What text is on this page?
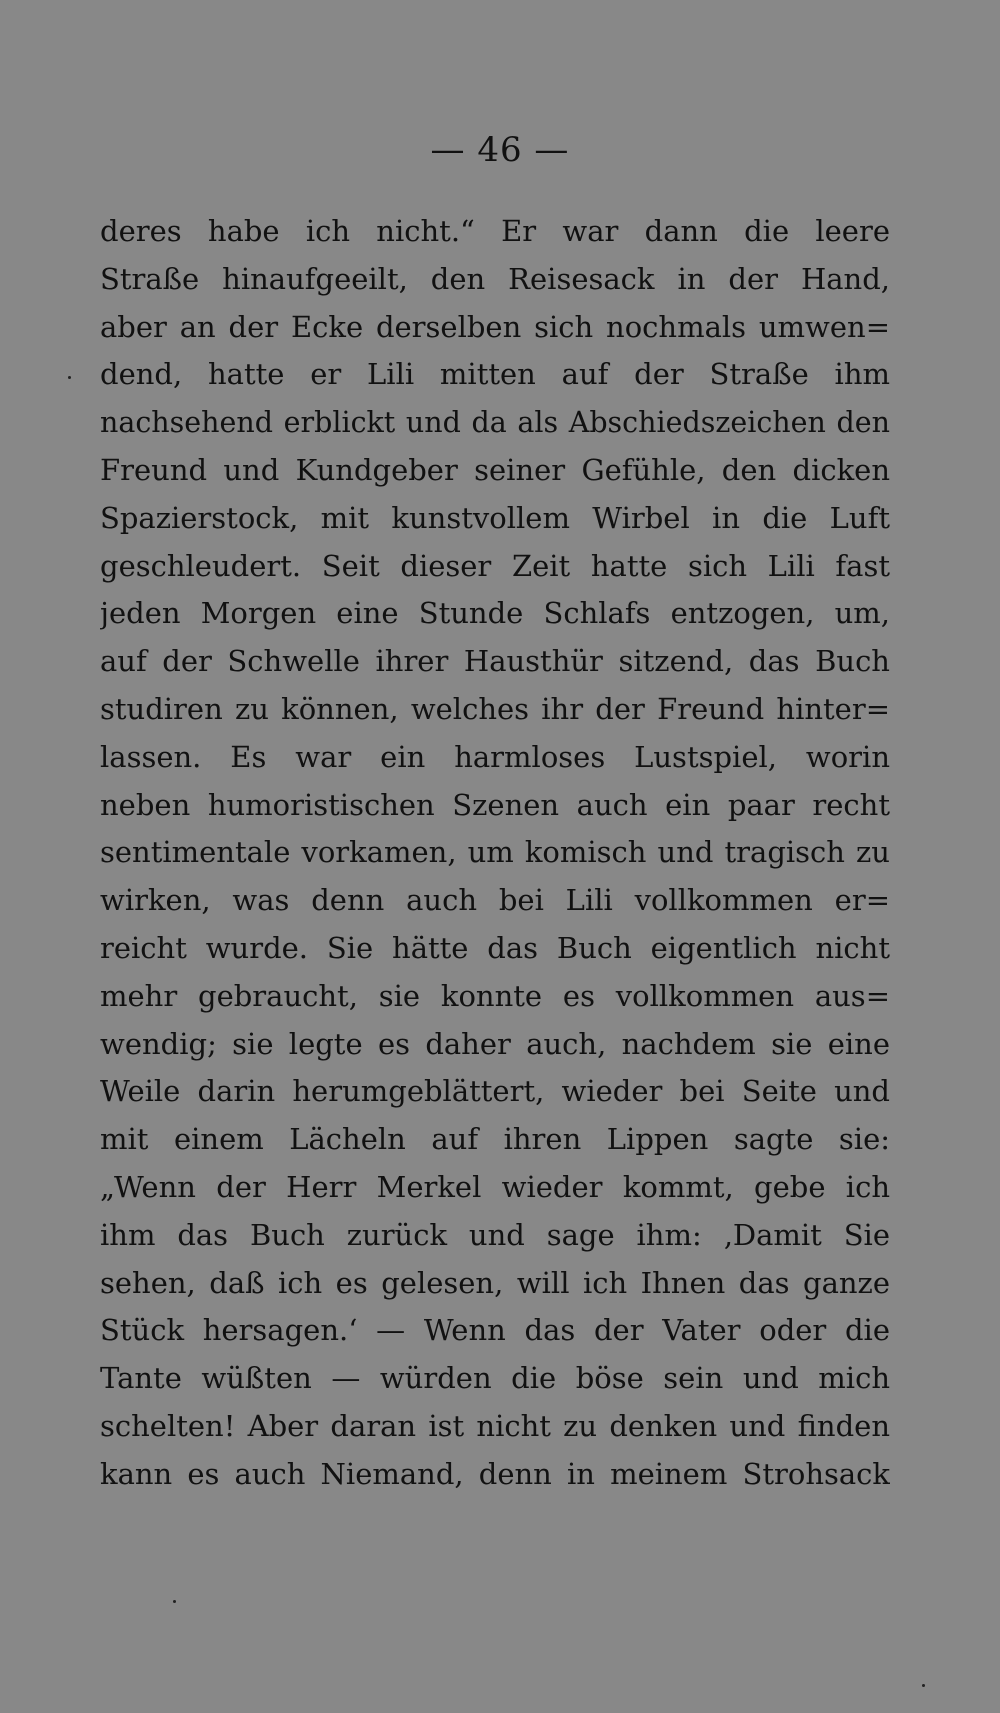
— 46 —
deres habe ich nicht.“ Er war dann die leere
Straße hinaufgeeilt, den Reisesack in der Hand,
aber an der Ecke derselben sich nochmals umwen=
dend, hatte er Lili mitten auf der Straße ihm
nachsehend erblickt und da als Abschiedszeichen den
Freund und Kundgeber seiner Gefühle, den dicken
Spazierstock, mit kunstvollem Wirbel in die Luft
geschleudert. Seit dieser Zeit hatte sich Lili fast
jeden Morgen eine Stunde Schlafs entzogen, um,
auf der Schwelle ihrer Hausthür sitzend, das Buch
studiren zu können, welches ihr der Freund hinter=
lassen. Es war ein harmloses Lustspiel, worin
neben humoristischen Szenen auch ein paar recht
sentimentale vorkamen, um komisch und tragisch zu
wirken, was denn auch bei Lili vollkommen er=
reicht wurde. Sie hätte das Buch eigentlich nicht
mehr gebraucht, sie konnte es vollkommen aus=
wendig; sie legte es daher auch, nachdem sie eine
Weile darin herumgeblättert, wieder bei Seite und
mit einem Lächeln auf ihren Lippen sagte sie:
„Wenn der Herr Merkel wieder kommt, gebe ich
ihm das Buch zurück und sage ihm: ‚Damit Sie
sehen, daß ich es gelesen, will ich Ihnen das ganze
Stück hersagen.‘ — Wenn das der Vater oder die
Tante wüßten — würden die böse sein und mich
schelten! Aber daran ist nicht zu denken und finden
kann es auch Niemand, denn in meinem Strohsack
